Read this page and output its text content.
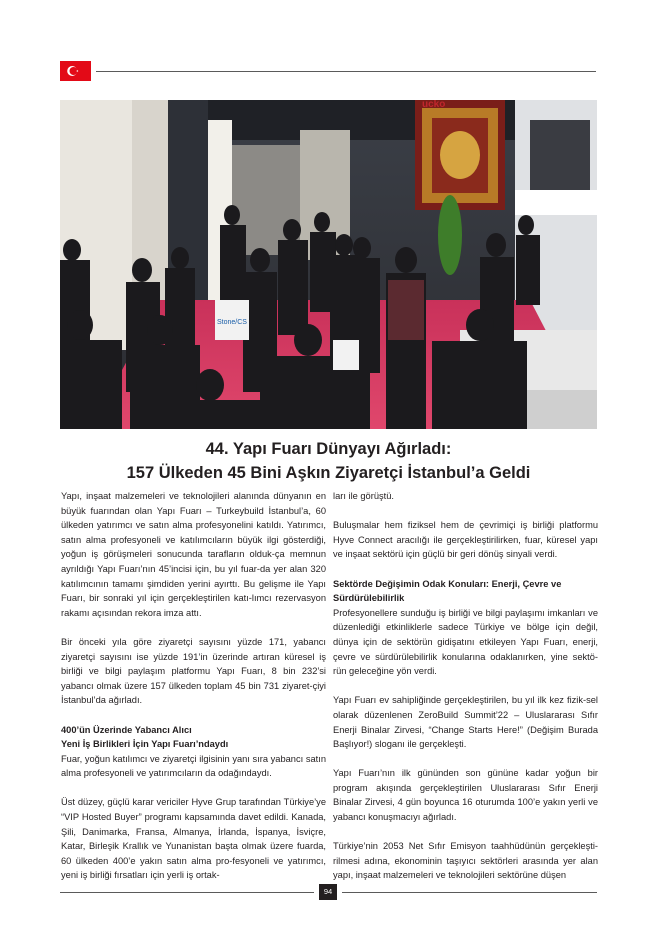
ucko
Stone/CS
44. Yapı Fuarı Dünyayı Ağırladı:
157 Ülkeden 45 Bini Aşkın Ziyaretçi İstanbul’a Geldi

Yapı, inşaat malzemeleri ve teknolojileri alanında dünyanın en büyük fuarından olan Yapı Fuarı – Turkeybuild İstanbul’a, 60 ülkeden yatırımcı ve satın alma profesyonelini katıldı. Yatırımcı, satın alma profesyoneli ve katılımcıların büyük ilgi gösterdiği, yoğun iş görüşmeleri sonucunda tarafların olduk-ça memnun ayrıldığı Yapı Fuarı’nın 45’incisi için, bu yıl fuar-da yer alan 320 katılımcının tamamı şimdiden yerini ayırttı. Bu gelişme ile Yapı Fuarı, bir sonraki yıl için gerçekleştirilen katı-lımcı rezervasyon rakamı açısından rekora imza attı.

Bir önceki yıla göre ziyaretçi sayısını yüzde 171, yabancı ziyaretçi sayısını ise yüzde 191’in üzerinde artıran küresel iş birliği ve bilgi paylaşım platformu Yapı Fuarı, 8 bin 232’si yabancı olmak üzere 157 ülkeden toplam 45 bin 731 ziyaret-çiyi İstanbul’da ağırladı.

400’ün Üzerinde Yabancı Alıcı
Yeni İş Birlikleri İçin Yapı Fuarı’ndaydı

Fuar, yoğun katılımcı ve ziyaretçi ilgisinin yanı sıra yabancı satın alma profesyoneli ve yatırımcıların da odağındaydı.

Üst düzey, güçlü karar vericiler Hyve Grup tarafından Türkiye’ye “VIP Hosted Buyer” programı kapsamında davet edildi. Kanada, Şili, Danimarka, Fransa, Almanya, İrlanda, İspanya, İsviçre, Katar, Birleşik Krallık ve Yunanistan başta olmak üzere fuarda, 60 ülkeden 400’e yakın satın alma pro-fesyoneli ve yatırımcı, yeni iş birliği fırsatları için yerli iş ortak-

ları ile görüştü.

Buluşmalar hem fiziksel hem de çevrimiçi iş birliği platformu Hyve Connect aracılığı ile gerçekleştirilirken, fuar, küresel yapı ve inşaat sektörü için güçlü bir geri dönüş sinyali verdi.

Sektörde Değişimin Odak Konuları: Enerji, Çevre ve
Sürdürülebilirlik

Profesyonellere sunduğu iş birliği ve bilgi paylaşımı imkanları ve düzenlediği etkinliklerle sadece Türkiye ve bölge için değil, dünya için de sektörün gidişatını etkileyen Yapı Fuarı, enerji, çevre ve sürdürülebilirlik konularına odaklanırken, yine sektö-rün geleceğine yön verdi.

Yapı Fuarı ev sahipliğinde gerçekleştirilen, bu yıl ilk kez fizik-sel olarak düzenlenen ZeroBuild Summit’22 – Uluslararası Sıfır Enerji Binalar Zirvesi, “Change Starts Here!” (Değişim Burada Başlıyor!) sloganı ile gerçekleşti.

Yapı Fuarı’nın ilk gününden son gününe kadar yoğun bir program akışında gerçekleştirilen Uluslararası Sıfır Enerji Binalar Zirvesi, 4 gün boyunca 16 oturumda 100’e yakın yerli ve yabancı konuşmacıyı ağırladı.

Türkiye’nin 2053 Net Sıfır Emisyon taahhüdünün gerçekleşti-rilmesi adına, ekonominin taşıyıcı sektörleri arasında yer alan yapı, inşaat malzemeleri ve teknolojileri sektörüne düşen

94
